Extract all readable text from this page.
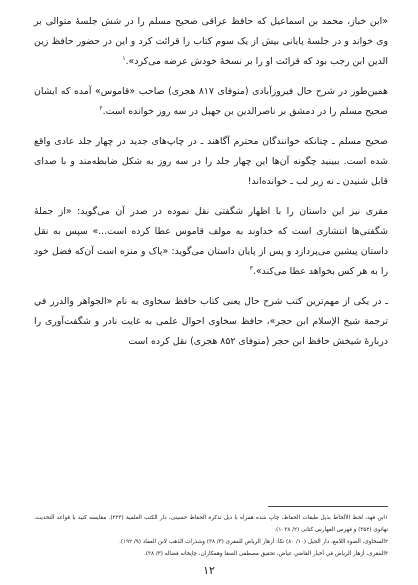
«ابن خباز، محمد بن اسماعیل که حافظ عراقی صحیح مسلم را در شش جلسهٔ متوالی بر وی خواند و در جلسهٔ پایانی بیش از یک سوم کتاب را قرائت کرد و این در حضور حافظ زین الدین ابن رجب بود که قرائت او را بر نسخهٔ خودش عرضه می‌کرد».$^۱$

همین‌طور در شرح حال فیروزآبادی (متوفای ۸۱۷ هجری) صاحب «قاموس» آمده که ایشان صحیح مسلم را در دمشق بر ناصرالدین بن جهبل در سه روز خوانده است.$^۲$

صحیح مسلم ـ چنانکه خوانندگان محترم آگاهند ـ در چاپ‌های جدید در چهار جلد عادی واقع شده است. ببینید چگونه آن‌ها این چهار جلد را در سه روز به شکل ضابطه‌مند و با صدای قابل شنیدن ـ نه زیر لب ـ خوانده‌اند!

مقری نیز این داستان را با اظهار شگفتی نقل نموده در صدر آن می‌گوید: «از جملهٔ شگفتی‌ها انتشاری است که خداوند به مولف قاموس عطا کرده است...» سپس به نقل داستان پیشین می‌پردازد و پس از پایان داستان می‌گوید: «پاک و منزه است آن‌که فضل خود را به هر کس بخواهد عطا می‌کند».$^۳$

ـ در یکی از مهم‌ترین کتب شرح حال یعنی کتاب حافظ سخاوی به نام «الجواهر والدرر في ترجمة شیخ الإسلام ابن حجر»، حافظ سخاوی احوال علمی به غایت نادر و شگفت‌آوری را دربارهٔ شیخش حافظ ابن حجر (متوفای ۸۵۲ هجری) نقل کرده است

۱ابن فهد، لحظ الألحاظ بذیل طبقات الحفاظ، چاپ شده همراه با ذیل تذکرة الحفاظ حسینی، دار الکتب العلمیة (۲۲۳). مقایسه کنید با قواعد التحدیث، تهانوی (۳۵۲) و فهرس الفهارس کتانی (۲/ ۱۰۳۸).

۲السخاوی، الضوء اللامع، دار الجیل (۱۰/ ۸۰) نکا: أزهار الریاض للمقری (۳/ ۳۸) وشذرات الذهب لابن العماد (۹/ ۱۹۲).

۳المقری، أزهار الریاض في أخبار القاضي عیاض، تحقیق مصطفی السقا وهمکاران، چاپخانه فضاله (۳/ ۳۸).

۱۲
